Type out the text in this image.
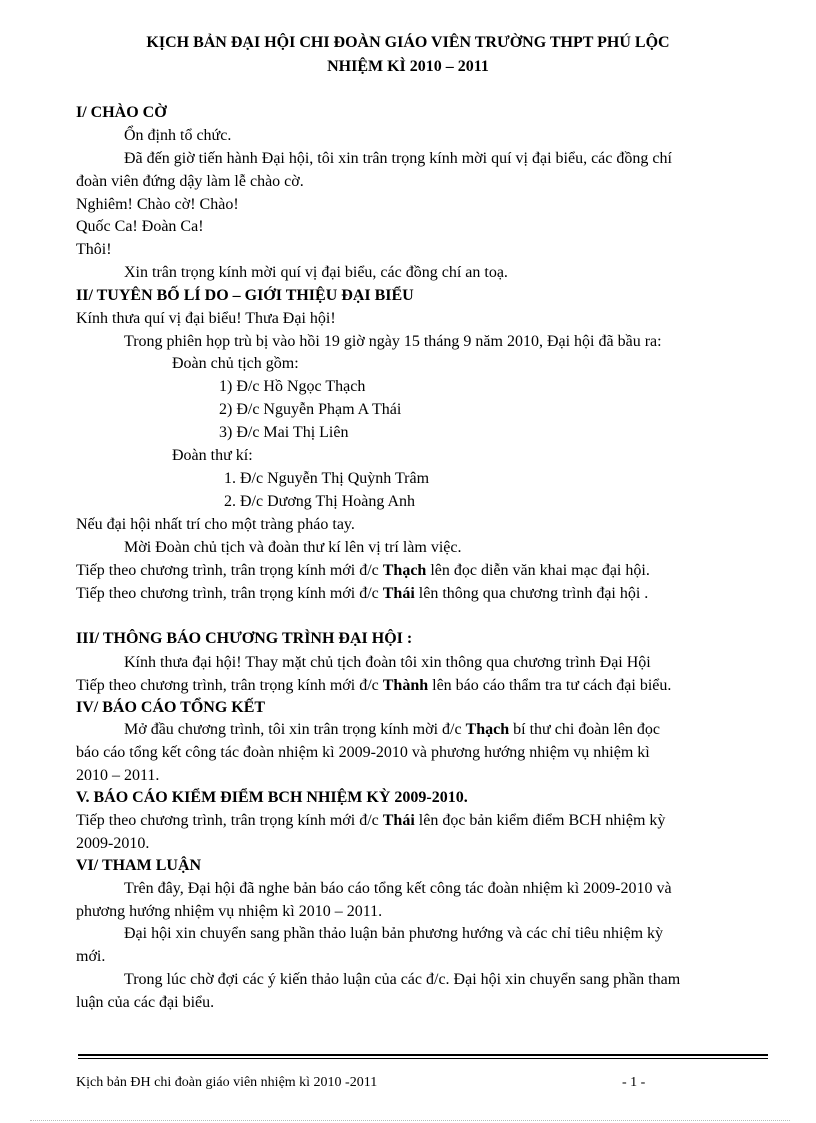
KỊCH BẢN ĐẠI HỘI CHI ĐOÀN GIÁO VIÊN TRƯỜNG THPT PHÚ LỘC
NHIỆM KÌ 2010 – 2011
I/ CHÀO CỜ
Ổn định tổ chức.
Đã đến giờ tiến hành Đại hội, tôi xin trân trọng kính mời quí vị đại biểu, các đồng chí
đoàn viên đứng dậy làm lễ chào cờ.
Nghiêm! Chào cờ! Chào!
Quốc Ca! Đoàn Ca!
Thôi!
Xin trân trọng kính mời quí vị đại biểu, các đồng chí an toạ.
II/ TUYÊN BỐ LÍ DO – GIỚI THIỆU ĐẠI BIỂU
Kính thưa quí vị đại biểu! Thưa Đại hội!
Trong phiên họp trù bị vào hồi 19 giờ ngày 15 tháng 9 năm 2010, Đại hội đã bầu ra:
Đoàn chủ tịch gồm:
1) Đ/c Hồ Ngọc Thạch
2) Đ/c Nguyễn Phạm A Thái
3) Đ/c Mai Thị Liên
Đoàn thư kí:
1. Đ/c Nguyễn Thị Quỳnh Trâm
2. Đ/c Dương Thị Hoàng Anh
Nếu đại hội nhất trí cho một tràng pháo tay.
Mời Đoàn chủ tịch và đoàn thư kí lên vị trí làm việc.
Tiếp theo chương trình, trân trọng kính mới đ/c Thạch lên đọc diễn văn khai mạc đại hội.
Tiếp theo chương trình, trân trọng kính mới đ/c Thái lên thông qua chương trình đại hội .
III/ THÔNG BÁO CHƯƠNG TRÌNH ĐẠI HỘI :
Kính thưa đại hội! Thay mặt chủ tịch đoàn tôi xin thông qua chương trình Đại Hội
Tiếp theo chương trình, trân trọng kính mới đ/c Thành lên báo cáo thẩm tra tư cách đại biểu.
IV/ BÁO CÁO TỔNG KẾT
Mở đầu chương trình, tôi xin trân trọng kính mời đ/c Thạch bí thư chi đoàn lên đọc
báo cáo tổng kết công tác đoàn nhiệm kì 2009-2010 và phương hướng nhiệm vụ nhiệm kì
2010 – 2011.
V. BÁO CÁO KIỂM ĐIỂM BCH NHIỆM KỲ 2009-2010.
Tiếp theo chương trình, trân trọng kính mới đ/c Thái lên đọc bản kiểm điểm BCH nhiệm kỳ
2009-2010.
VI/ THAM LUẬN
Trên đây, Đại hội đã nghe bản báo cáo tổng kết công tác đoàn nhiệm kì 2009-2010 và
phương hướng nhiệm vụ nhiệm kì 2010 – 2011.
Đại hội xin chuyển sang phần thảo luận bản phương hướng và các chỉ tiêu nhiệm kỳ
mới.
Trong lúc chờ đợi các ý kiến thảo luận của các đ/c. Đại hội xin chuyển sang phần tham
luận của các đại biểu.
Kịch bản ĐH chi đoàn giáo viên nhiệm kì 2010 -2011	- 1 -
